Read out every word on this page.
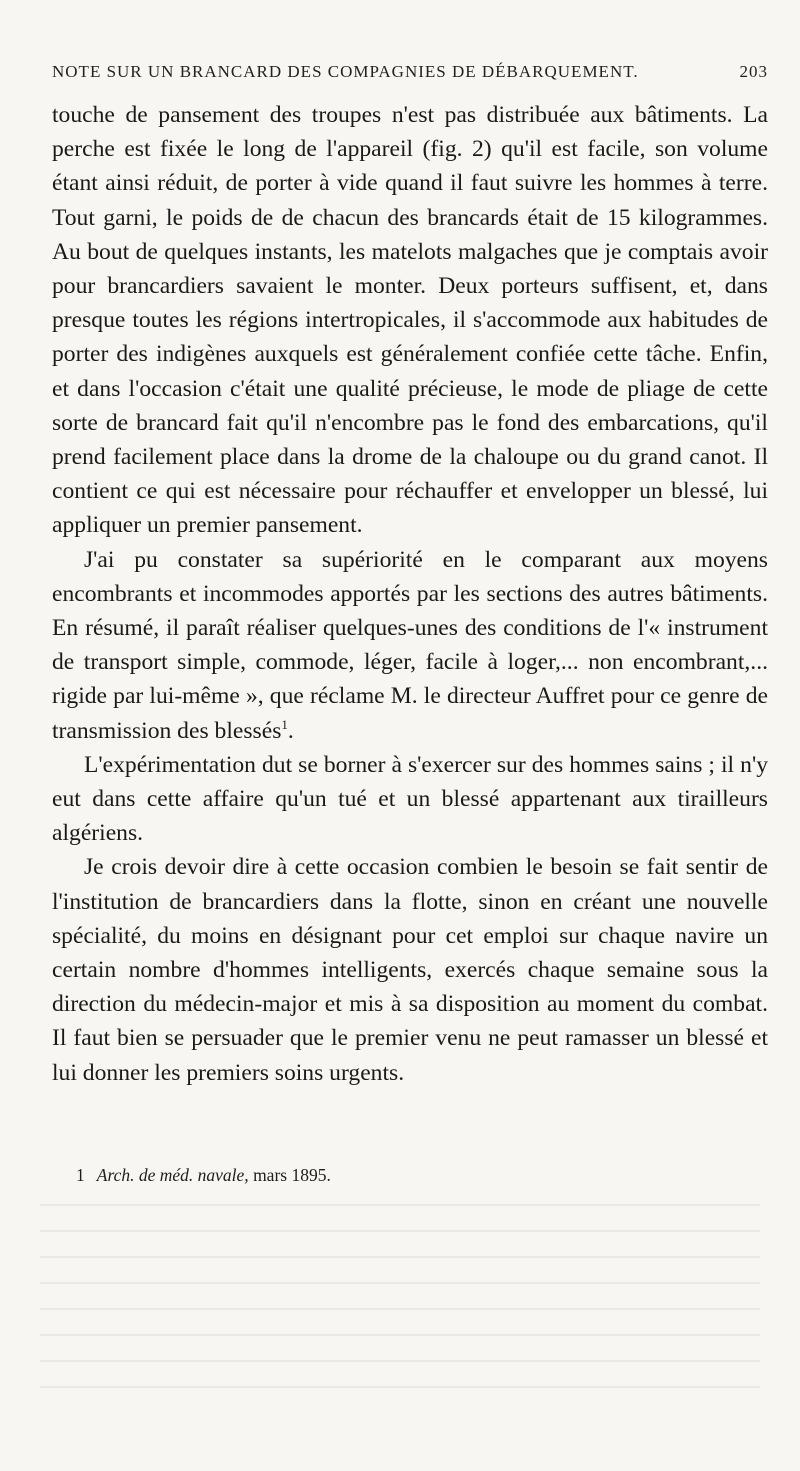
NOTE SUR UN BRANCARD DES COMPAGNIES DE DÉBARQUEMENT.	203

touche de pansement des troupes n'est pas distribuée aux bâtiments. La perche est fixée le long de l'appareil (fig. 2) qu'il est facile, son volume étant ainsi réduit, de porter à vide quand il faut suivre les hommes à terre. Tout garni, le poids de de chacun des brancards était de 15 kilogrammes. Au bout de quelques instants, les matelots malgaches que je comptais avoir pour brancardiers savaient le monter. Deux porteurs suffisent, et, dans presque toutes les régions intertropicales, il s'accommode aux habitudes de porter des indigènes auxquels est généralement confiée cette tâche. Enfin, et dans l'occasion c'était une qualité précieuse, le mode de pliage de cette sorte de brancard fait qu'il n'encombre pas le fond des embarcations, qu'il prend facilement place dans la drome de la chaloupe ou du grand canot. Il contient ce qui est nécessaire pour réchauffer et envelopper un blessé, lui appliquer un premier pansement.

J'ai pu constater sa supériorité en le comparant aux moyens encombrants et incommodes apportés par les sections des autres bâtiments. En résumé, il paraît réaliser quelques-unes des conditions de l'« instrument de transport simple, commode, léger, facile à loger,... non encombrant,... rigide par lui-même », que réclame M. le directeur Auffret pour ce genre de transmission des blessés$^1$.

L'expérimentation dut se borner à s'exercer sur des hommes sains ; il n'y eut dans cette affaire qu'un tué et un blessé appartenant aux tirailleurs algériens.

Je crois devoir dire à cette occasion combien le besoin se fait sentir de l'institution de brancardiers dans la flotte, sinon en créant une nouvelle spécialité, du moins en désignant pour cet emploi sur chaque navire un certain nombre d'hommes intelligents, exercés chaque semaine sous la direction du médecin-major et mis à sa disposition au moment du combat. Il faut bien se persuader que le premier venu ne peut ramasser un blessé et lui donner les premiers soins urgents.

1 Arch. de méd. navale, mars 1895.
